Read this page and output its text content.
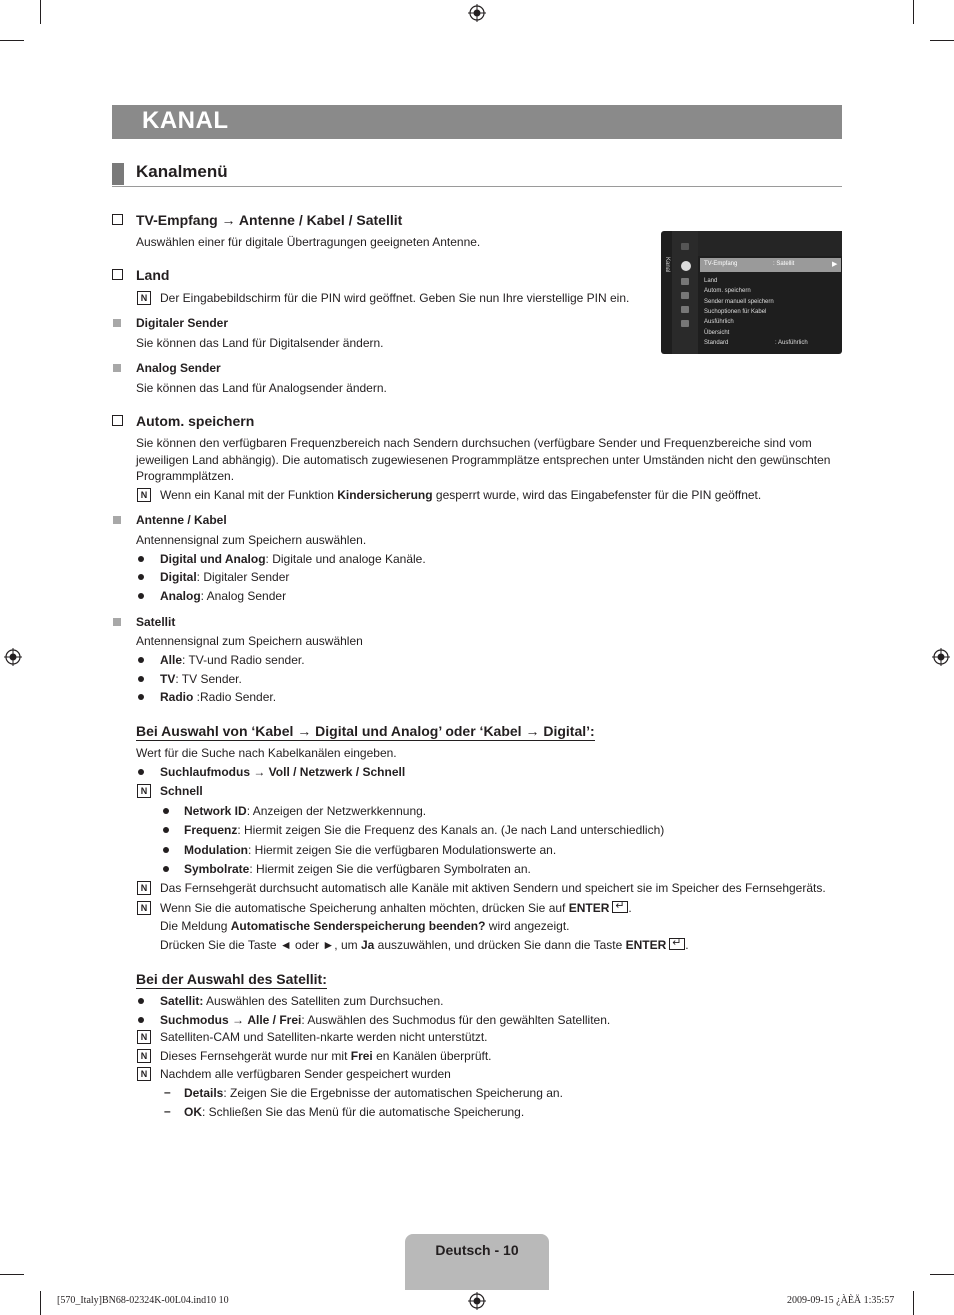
KANAL
Kanalmenü
TV-Empfang → Antenne / Kabel / Satellit
Auswählen einer für digitale Übertragungen geeigneten Antenne.
Land
N
Der Eingabebildschirm für die PIN wird geöffnet. Geben Sie nun Ihre vierstellige PIN ein.
Digitaler Sender
Sie können das Land für Digitalsender ändern.
Analog Sender
Sie können das Land für Analogsender ändern.
Kanal	TV-Empfang	: Satellit	▶
Land
Autom. speichern
Sender manuell speichern
Suchoptionen für Kabel
Ausführlich
Übersicht
Standard	: Ausführlich
Autom. speichern
Sie können den verfügbaren Frequenzbereich nach Sendern durchsuchen (verfügbare Sender und Frequenzbereiche sind vom jeweiligen Land abhängig). Die automatisch zugewiesenen Programmplätze entsprechen unter Umständen nicht den gewünschten Programmplätzen.
N
Wenn ein Kanal mit der Funktion Kindersicherung gesperrt wurde, wird das Eingabefenster für die PIN geöffnet.
Antenne / Kabel
Antennensignal zum Speichern auswählen.
Digital und Analog: Digitale und analoge Kanäle.
Digital: Digitaler Sender
Analog: Analog Sender
Satellit
Antennensignal zum Speichern auswählen
Alle: TV-und Radio sender.
TV: TV Sender.
Radio :Radio Sender.
Bei Auswahl von ‘Kabel → Digital und Analog’ oder ‘Kabel → Digital’:
Wert für die Suche nach Kabelkanälen eingeben.
Suchlaufmodus → Voll / Netzwerk / Schnell
N
Schnell
Network ID: Anzeigen der Netzwerkkennung.
Frequenz: Hiermit zeigen Sie die Frequenz des Kanals an. (Je nach Land unterschiedlich)
Modulation: Hiermit zeigen Sie die verfügbaren Modulationswerte an.
Symbolrate: Hiermit zeigen Sie die verfügbaren Symbolraten an.
N
Das Fernsehgerät durchsucht automatisch alle Kanäle mit aktiven Sendern und speichert sie im Speicher des Fernsehgeräts.
N
Wenn Sie die automatische Speicherung anhalten möchten, drücken Sie auf ENTER ↵ .
Die Meldung Automatische Senderspeicherung beenden? wird angezeigt.
Drücken Sie die Taste ◄ oder ►, um Ja auszuwählen, und drücken Sie dann die Taste ENTER ↵ .
Bei der Auswahl des Satellit:
Satellit: Auswählen des Satelliten zum Durchsuchen.
Suchmodus → Alle / Frei: Auswählen des Suchmodus für den gewählten Satelliten.
N
Satelliten-CAM und Satelliten-nkarte werden nicht unterstützt.
N
Dieses Fernsehgerät wurde nur mit Frei en Kanälen überprüft.
N
Nachdem alle verfügbaren Sender gespeichert wurden
– Details: Zeigen Sie die Ergebnisse der automatischen Speicherung an.
– OK: Schließen Sie das Menü für die automatische Speicherung.
Deutsch - 10
[570_Italy]BN68-02324K-00L04.ind10 10	2009-09-15 ¿ÀÈÄ 1:35:57
